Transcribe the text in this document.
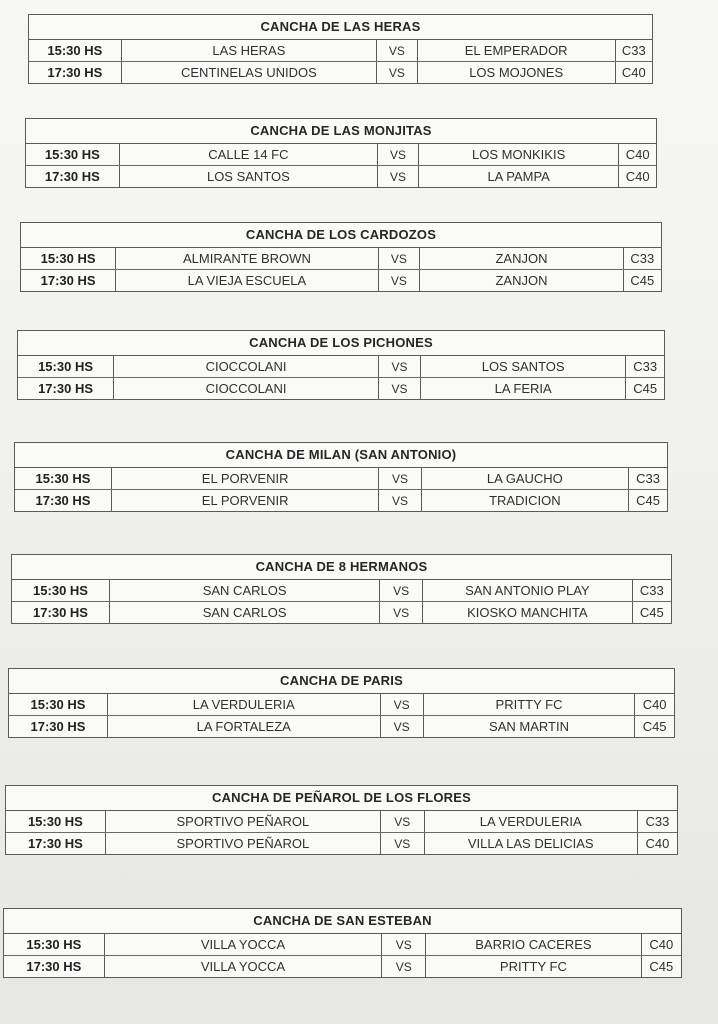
CANCHA DE LAS HERAS
15:30 HS	LAS HERAS	VS	EL EMPERADOR	C33
17:30 HS	CENTINELAS UNIDOS	VS	LOS MOJONES	C40
CANCHA DE LAS MONJITAS
15:30 HS	CALLE 14 FC	VS	LOS MONKIKIS	C40
17:30 HS	LOS SANTOS	VS	LA PAMPA	C40
CANCHA DE LOS CARDOZOS
15:30 HS	ALMIRANTE BROWN	VS	ZANJON	C33
17:30 HS	LA VIEJA ESCUELA	VS	ZANJON	C45
CANCHA DE LOS PICHONES
15:30 HS	CIOCCOLANI	VS	LOS SANTOS	C33
17:30 HS	CIOCCOLANI	VS	LA FERIA	C45
CANCHA DE MILAN (SAN ANTONIO)
15:30 HS	EL PORVENIR	VS	LA GAUCHO	C33
17:30 HS	EL PORVENIR	VS	TRADICION	C45
CANCHA DE 8 HERMANOS
15:30 HS	SAN CARLOS	VS	SAN ANTONIO PLAY	C33
17:30 HS	SAN CARLOS	VS	KIOSKO MANCHITA	C45
CANCHA DE PARIS
15:30 HS	LA VERDULERIA	VS	PRITTY FC	C40
17:30 HS	LA FORTALEZA	VS	SAN MARTIN	C45
CANCHA DE PEÑAROL DE LOS FLORES
15:30 HS	SPORTIVO PEÑAROL	VS	LA VERDULERIA	C33
17:30 HS	SPORTIVO PEÑAROL	VS	VILLA LAS DELICIAS	C40
CANCHA DE SAN ESTEBAN
15:30 HS	VILLA YOCCA	VS	BARRIO CACERES	C40
17:30 HS	VILLA YOCCA	VS	PRITTY FC	C45
